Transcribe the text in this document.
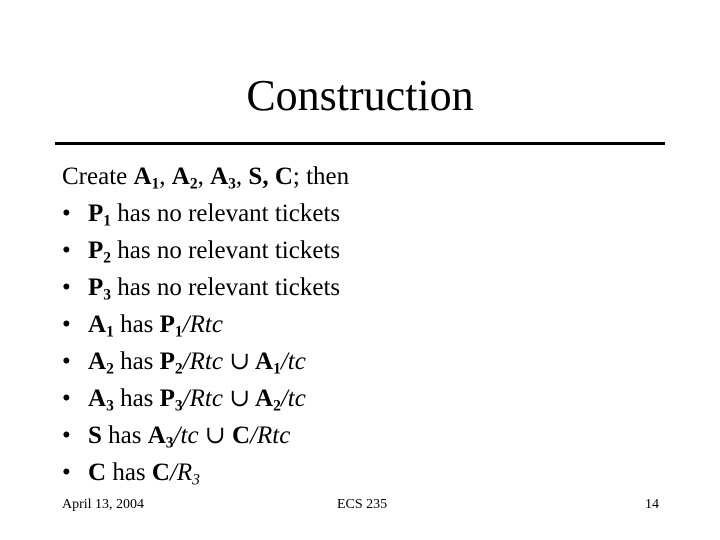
Construction
Create $A_1$, $A_2$, $A_3$, S, C; then
• $P_1$ has no relevant tickets
• $P_2$ has no relevant tickets
• $P_3$ has no relevant tickets
• $A_1$ has $P_1$/Rtc
• $A_2$ has $P_2$/Rtc ∪ $A_1/tc$
• $A_3$ has $P_3$/Rtc ∪ $A_2/tc$
• S has $A_3/tc$ ∪ C/Rtc
• C has $C/R_3$
April 13, 2004	ECS 235	14
